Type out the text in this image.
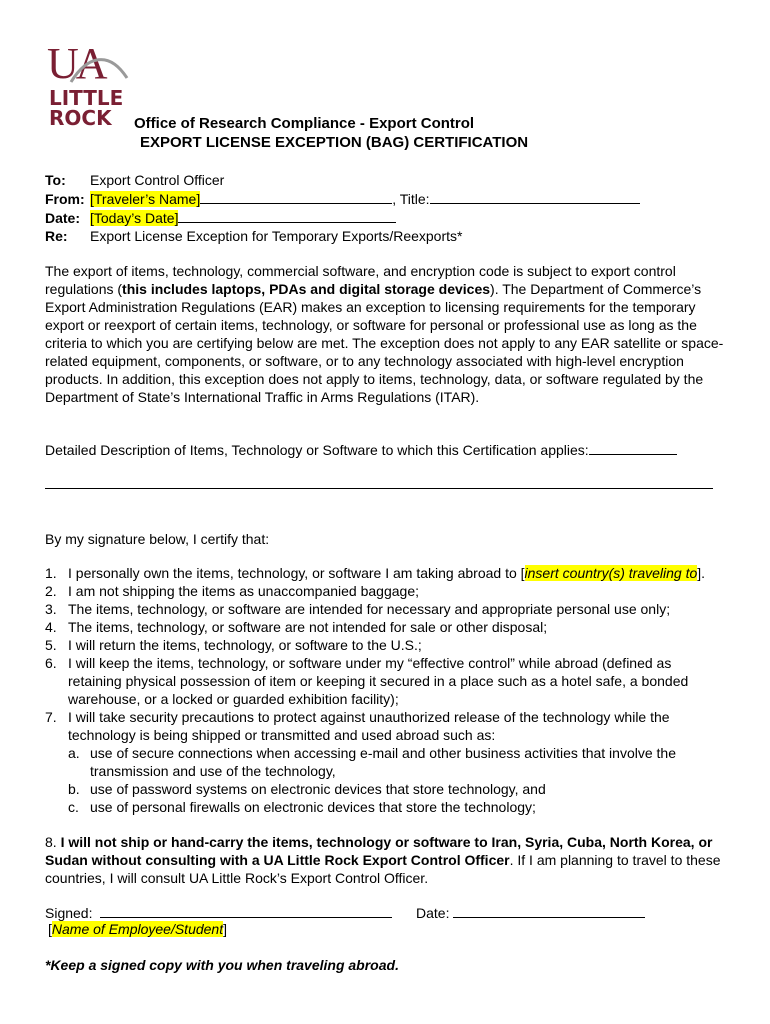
UA
LITTLE
ROCK Office of Research Compliance - Export Control
EXPORT LICENSE EXCEPTION (BAG) CERTIFICATION
To: Export Control Officer
From: [Traveler’s Name]	, Title:
Date: [Today’s Date]
Re: Export License Exception for Temporary Exports/Reexports*
The export of items, technology, commercial software, and encryption code is subject to export control regulations (this includes laptops, PDAs and digital storage devices). The Department of Commerce’s Export Administration Regulations (EAR) makes an exception to licensing requirements for the temporary export or reexport of certain items, technology, or software for personal or professional use as long as the criteria to which you are certifying below are met. The exception does not apply to any EAR satellite or space-related equipment, components, or software, or to any technology associated with high-level encryption products. In addition, this exception does not apply to items, technology, data, or software regulated by the Department of State’s International Traffic in Arms Regulations (ITAR).
Detailed Description of Items, Technology or Software to which this Certification applies:
By my signature below, I certify that:
1. I personally own the items, technology, or software I am taking abroad to [insert country(s) traveling to].
2. I am not shipping the items as unaccompanied baggage;
3. The items, technology, or software are intended for necessary and appropriate personal use only;
4. The items, technology, or software are not intended for sale or other disposal;
5. I will return the items, technology, or software to the U.S.;
6. I will keep the items, technology, or software under my “effective control” while abroad (defined as retaining physical possession of item or keeping it secured in a place such as a hotel safe, a bonded warehouse, or a locked or guarded exhibition facility);
7. I will take security precautions to protect against unauthorized release of the technology while the technology is being shipped or transmitted and used abroad such as:
a. use of secure connections when accessing e-mail and other business activities that involve the transmission and use of the technology,
b. use of password systems on electronic devices that store technology, and
c. use of personal firewalls on electronic devices that store the technology;
8. I will not ship or hand-carry the items, technology or software to Iran, Syria, Cuba, North Korea, or Sudan without consulting with a UA Little Rock Export Control Officer. If I am planning to travel to these countries, I will consult UA Little Rock’s Export Control Officer.
Signed:	Date:
[Name of Employee/Student]
*Keep a signed copy with you when traveling abroad.
